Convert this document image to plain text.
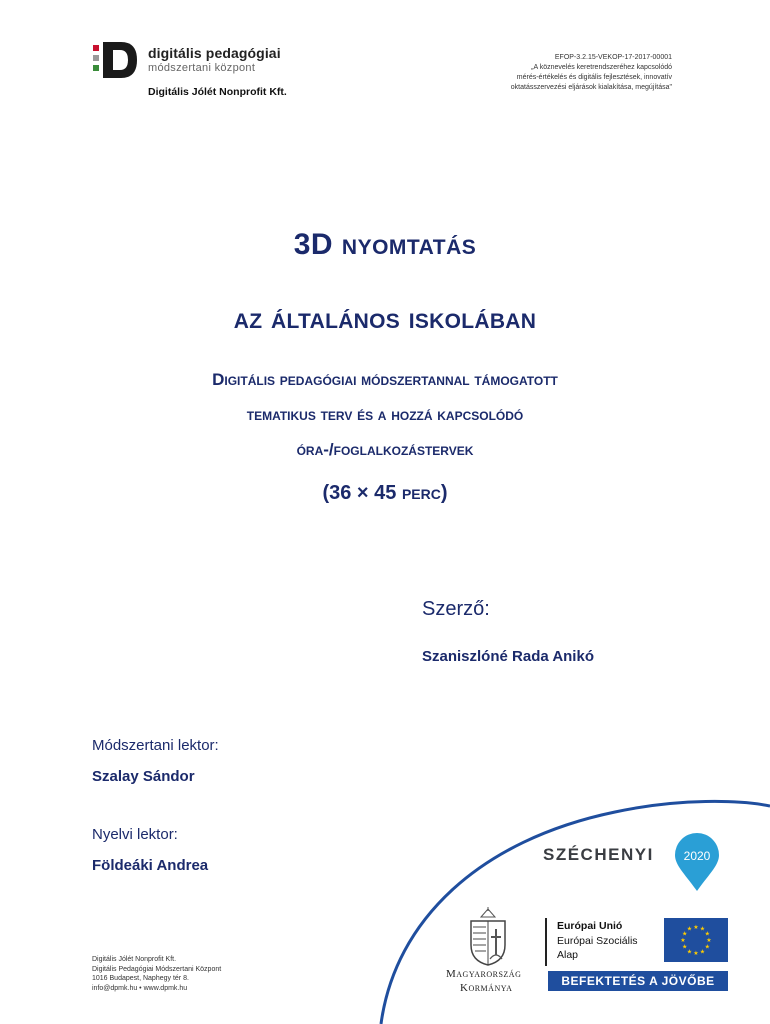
digitális pedagógiai
módszertani központ
Digitális Jólét Nonprofit Kft.
EFOP-3.2.15-VEKOP-17-2017-00001
„A köznevelés keretrendszeréhez kapcsolódó
mérés-értékelés és digitális fejlesztések, innovatív
oktatásszervezési eljárások kialakítása, megújítása"
3D nyomtatás
az általános iskolában
Digitális pedagógiai módszertannal támogatott
tematikus terv és a hozzá kapcsolódó
óra-/foglalkozástervek
(36 × 45 perc)
Szerző:
Szaniszlóné Rada Anikó
Módszertani lektor:
Szalay Sándor
Nyelvi lektor:
Földeáki Andrea
Digitális Jólét Nonprofit Kft.
Digitális Pedagógiai Módszertani Központ
1016 Budapest, Naphegy tér 8.
info@dpmk.hu • www.dpmk.hu
SZÉCHENYI 2020
Magyarország
Kormánya
Európai Unió
Európai Szociális
Alap
★ ★
★
★
★
★
★
★
★
★
★
★
BEFEKTETÉS A JÖVŐBE
